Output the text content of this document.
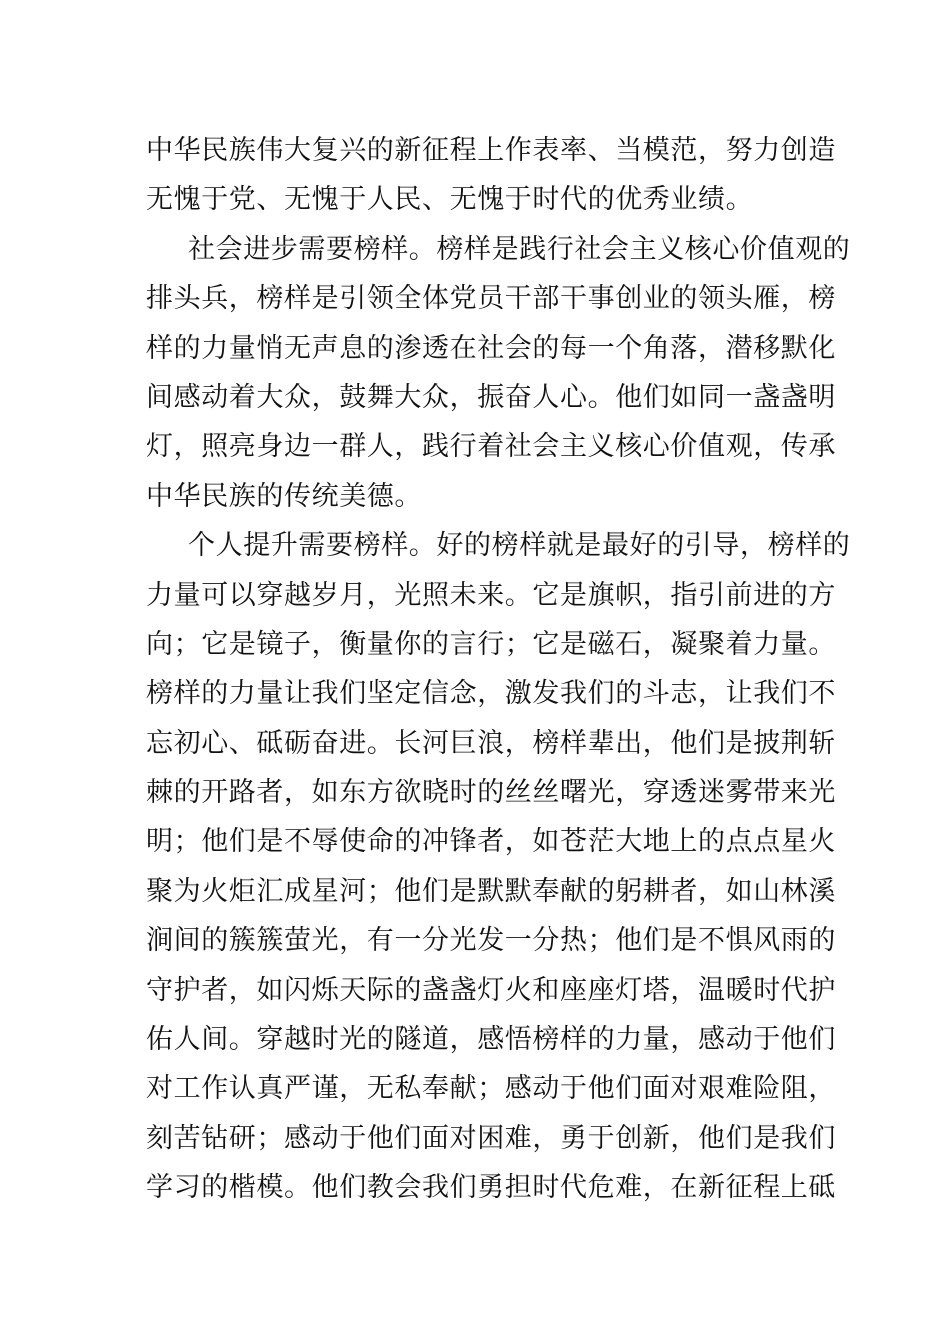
中华民族伟大复兴的新征程上作表率、当模范，努力创造
无愧于党、无愧于人民、无愧于时代的优秀业绩。
社会进步需要榜样。榜样是践行社会主义核心价值观的
排头兵，榜样是引领全体党员干部干事创业的领头雁，榜
样的力量悄无声息的渗透在社会的每一个角落，潜移默化
间感动着大众，鼓舞大众，振奋人心。他们如同一盏盏明
灯，照亮身边一群人，践行着社会主义核心价值观，传承
中华民族的传统美德。
个人提升需要榜样。好的榜样就是最好的引导，榜样的
力量可以穿越岁月，光照未来。它是旗帜，指引前进的方
向；它是镜子，衡量你的言行；它是磁石，凝聚着力量。
榜样的力量让我们坚定信念，激发我们的斗志，让我们不
忘初心、砥砺奋进。长河巨浪，榜样辈出，他们是披荆斩
棘的开路者，如东方欲晓时的丝丝曙光，穿透迷雾带来光
明；他们是不辱使命的冲锋者，如苍茫大地上的点点星火
聚为火炬汇成星河；他们是默默奉献的躬耕者，如山林溪
涧间的簇簇萤光，有一分光发一分热；他们是不惧风雨的
守护者，如闪烁天际的盏盏灯火和座座灯塔，温暖时代护
佑人间。穿越时光的隧道，感悟榜样的力量，感动于他们
对工作认真严谨，无私奉献；感动于他们面对艰难险阻，
刻苦钻研；感动于他们面对困难，勇于创新，他们是我们
学习的楷模。他们教会我们勇担时代危难，在新征程上砥
